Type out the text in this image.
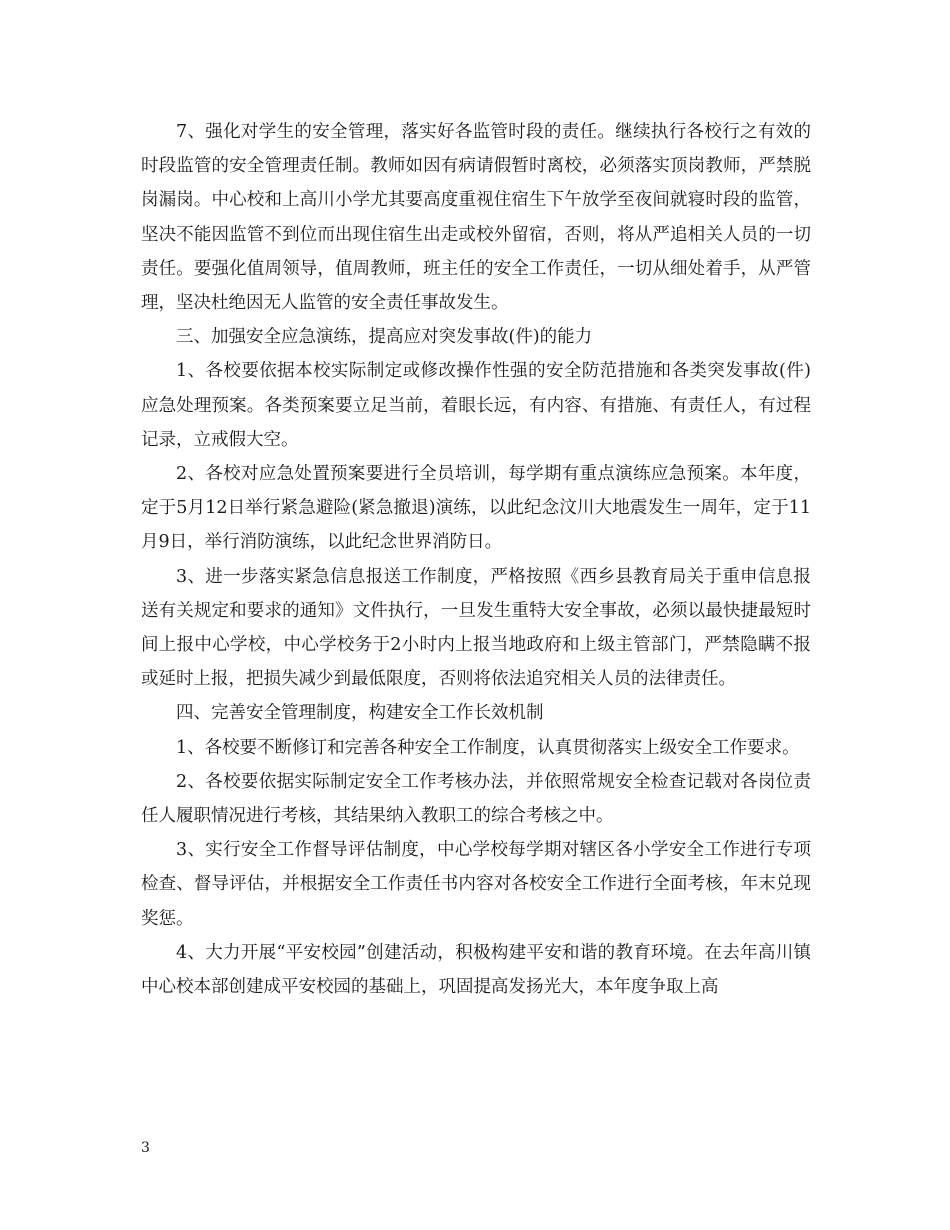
7、强化对学生的安全管理，落实好各监管时段的责任。继续执行各校行之有效的时段监管的安全管理责任制。教师如因有病请假暂时离校，必须落实顶岗教师，严禁脱岗漏岗。中心校和上高川小学尤其要高度重视住宿生下午放学至夜间就寝时段的监管，坚决不能因监管不到位而出现住宿生出走或校外留宿，否则，将从严追相关人员的一切责任。要强化值周领导，值周教师，班主任的安全工作责任，一切从细处着手，从严管理，坚决杜绝因无人监管的安全责任事故发生。

三、加强安全应急演练，提高应对突发事故(件)的能力

1、各校要依据本校实际制定或修改操作性强的安全防范措施和各类突发事故(件)应急处理预案。各类预案要立足当前，着眼长远，有内容、有措施、有责任人，有过程记录，立戒假大空。

2、各校对应急处置预案要进行全员培训，每学期有重点演练应急预案。本年度，定于5月12日举行紧急避险(紧急撤退)演练，以此纪念汶川大地震发生一周年，定于11月9日，举行消防演练，以此纪念世界消防日。

3、进一步落实紧急信息报送工作制度，严格按照《西乡县教育局关于重申信息报送有关规定和要求的通知》文件执行，一旦发生重特大安全事故，必须以最快捷最短时间上报中心学校，中心学校务于2小时内上报当地政府和上级主管部门，严禁隐瞒不报或延时上报，把损失减少到最低限度，否则将依法追究相关人员的法律责任。

四、完善安全管理制度，构建安全工作长效机制

1、各校要不断修订和完善各种安全工作制度，认真贯彻落实上级安全工作要求。

2、各校要依据实际制定安全工作考核办法，并依照常规安全检查记载对各岗位责任人履职情况进行考核，其结果纳入教职工的综合考核之中。

3、实行安全工作督导评估制度，中心学校每学期对辖区各小学安全工作进行专项检查、督导评估，并根据安全工作责任书内容对各校安全工作进行全面考核，年末兑现奖惩。

4、大力开展“平安校园”创建活动，积极构建平安和谐的教育环境。在去年高川镇中心校本部创建成平安校园的基础上，巩固提高发扬光大，本年度争取上高

3
